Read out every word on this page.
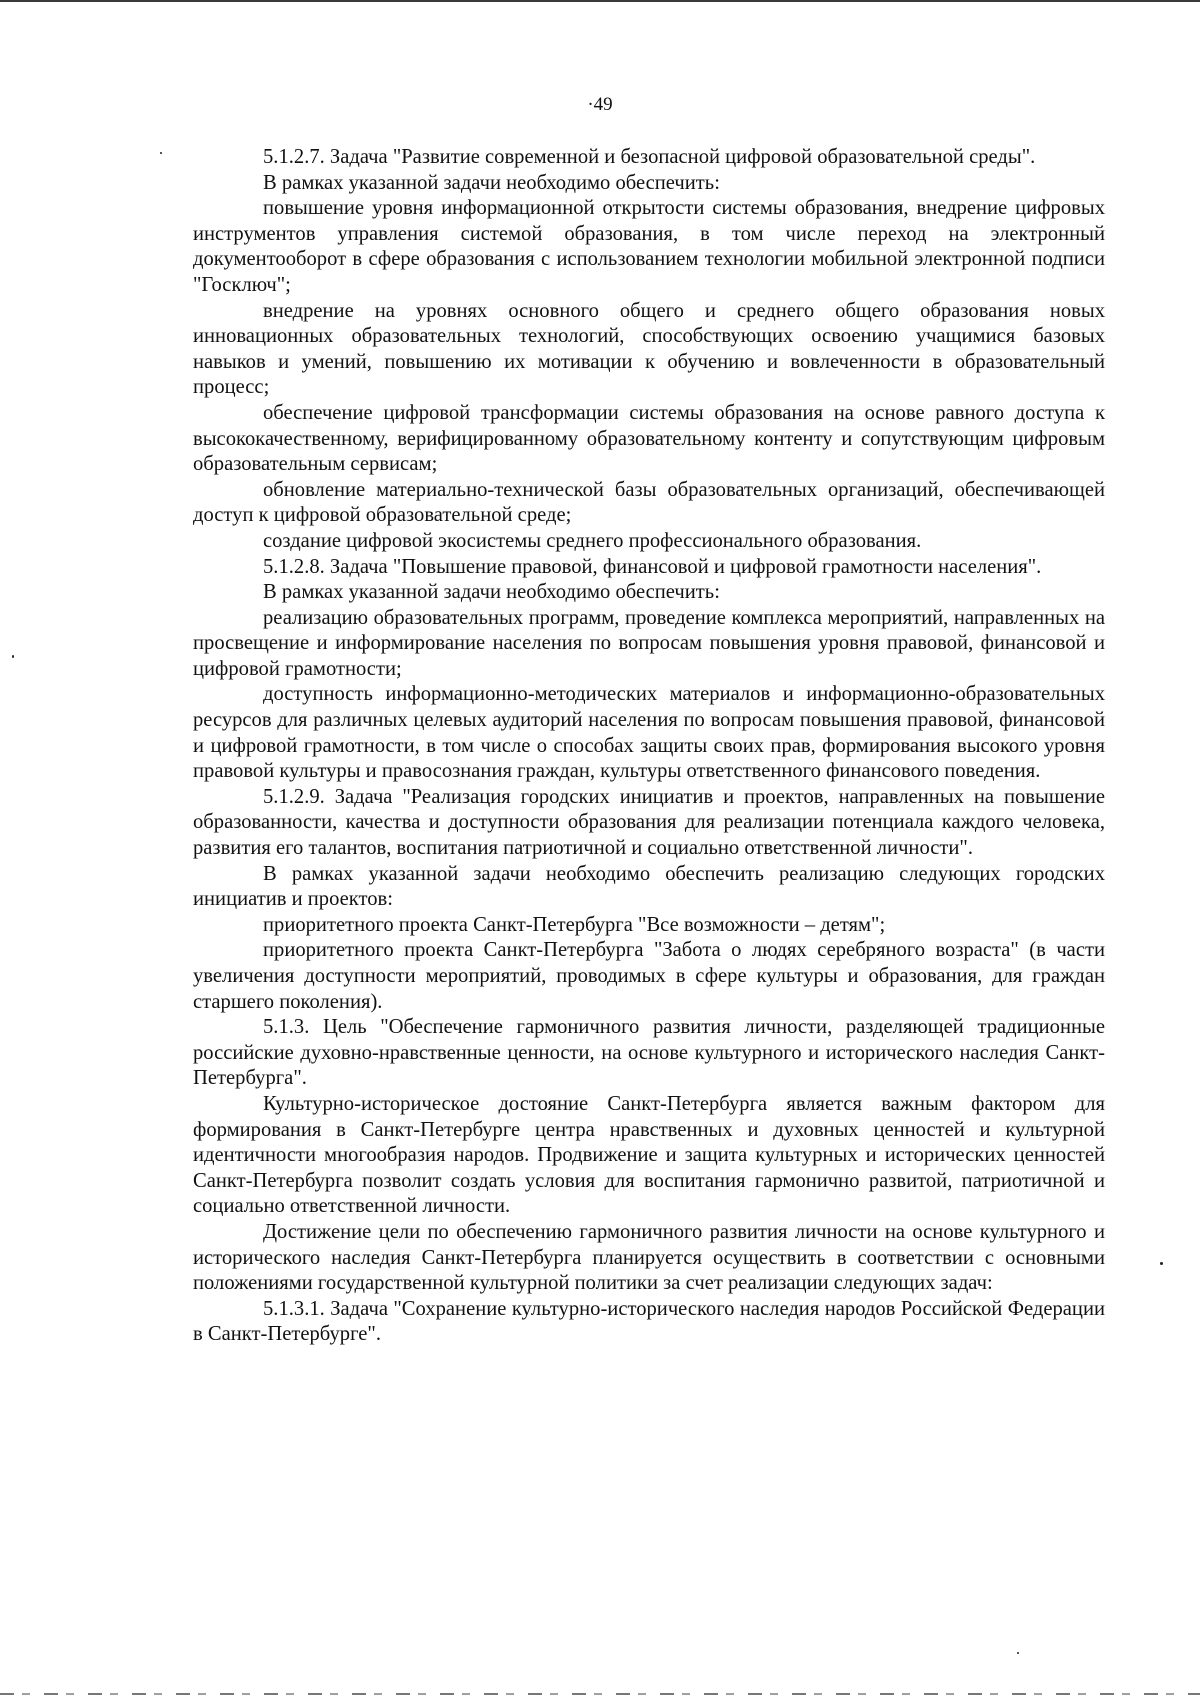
·49

5.1.2.7. Задача "Развитие современной и безопасной цифровой образовательной среды".

В рамках указанной задачи необходимо обеспечить:

повышение уровня информационной открытости системы образования, внедрение цифровых инструментов управления системой образования, в том числе переход на электронный документооборот в сфере образования с использованием технологии мобильной электронной подписи "Госключ";

внедрение на уровнях основного общего и среднего общего образования новых инновационных образовательных технологий, способствующих освоению учащимися базовых навыков и умений, повышению их мотивации к обучению и вовлеченности в образовательный процесс;

обеспечение цифровой трансформации системы образования на основе равного доступа к высококачественному, верифицированному образовательному контенту и сопутствующим цифровым образовательным сервисам;

обновление материально-технической базы образовательных организаций, обеспечивающей доступ к цифровой образовательной среде;

создание цифровой экосистемы среднего профессионального образования.

5.1.2.8. Задача "Повышение правовой, финансовой и цифровой грамотности населения".

В рамках указанной задачи необходимо обеспечить:

реализацию образовательных программ, проведение комплекса мероприятий, направленных на просвещение и информирование населения по вопросам повышения уровня правовой, финансовой и цифровой грамотности;

доступность информационно-методических материалов и информационно-образовательных ресурсов для различных целевых аудиторий населения по вопросам повышения правовой, финансовой и цифровой грамотности, в том числе о способах защиты своих прав, формирования высокого уровня правовой культуры и правосознания граждан, культуры ответственного финансового поведения.

5.1.2.9. Задача "Реализация городских инициатив и проектов, направленных на повышение образованности, качества и доступности образования для реализации потенциала каждого человека, развития его талантов, воспитания патриотичной и социально ответственной личности".

В рамках указанной задачи необходимо обеспечить реализацию следующих городских инициатив и проектов:

приоритетного проекта Санкт-Петербурга "Все возможности – детям";

приоритетного проекта Санкт-Петербурга "Забота о людях серебряного возраста" (в части увеличения доступности мероприятий, проводимых в сфере культуры и образования, для граждан старшего поколения).

5.1.3. Цель "Обеспечение гармоничного развития личности, разделяющей традиционные российские духовно-нравственные ценности, на основе культурного и исторического наследия Санкт-Петербурга".

Культурно-историческое достояние Санкт-Петербурга является важным фактором для формирования в Санкт-Петербурге центра нравственных и духовных ценностей и культурной идентичности многообразия народов. Продвижение и защита культурных и исторических ценностей Санкт-Петербурга позволит создать условия для воспитания гармонично развитой, патриотичной и социально ответственной личности.

Достижение цели по обеспечению гармоничного развития личности на основе культурного и исторического наследия Санкт-Петербурга планируется осуществить в соответствии с основными положениями государственной культурной политики за счет реализации следующих задач:

5.1.3.1. Задача "Сохранение культурно-исторического наследия народов Российской Федерации в Санкт-Петербурге".
